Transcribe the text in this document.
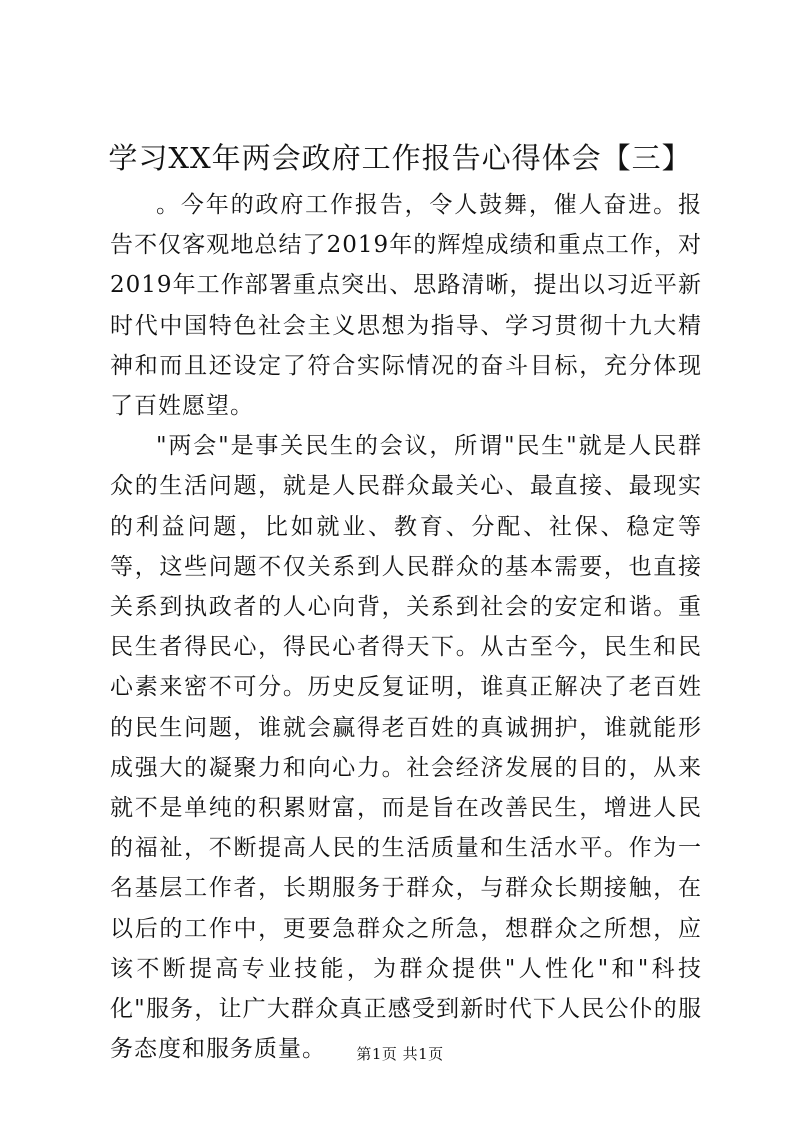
学习XX年两会政府工作报告心得体会【三】

。今年的政府工作报告，令人鼓舞，催人奋进。报告不仅客观地总结了2019年的辉煌成绩和重点工作，对2019年工作部署重点突出、思路清晰，提出以习近平新时代中国特色社会主义思想为指导、学习贯彻十九大精神和而且还设定了符合实际情况的奋斗目标，充分体现了百姓愿望。

"两会"是事关民生的会议，所谓"民生"就是人民群众的生活问题，就是人民群众最关心、最直接、最现实的利益问题，比如就业、教育、分配、社保、稳定等等，这些问题不仅关系到人民群众的基本需要，也直接关系到执政者的人心向背，关系到社会的安定和谐。重民生者得民心，得民心者得天下。从古至今，民生和民心素来密不可分。历史反复证明，谁真正解决了老百姓的民生问题，谁就会赢得老百姓的真诚拥护，谁就能形成强大的凝聚力和向心力。社会经济发展的目的，从来就不是单纯的积累财富，而是旨在改善民生，增进人民的福祉，不断提高人民的生活质量和生活水平。作为一名基层工作者，长期服务于群众，与群众长期接触，在以后的工作中，更要急群众之所急，想群众之所想，应该不断提高专业技能，为群众提供"人性化"和"科技化"服务，让广大群众真正感受到新时代下人民公仆的服务态度和服务质量。	第1页 共1页
